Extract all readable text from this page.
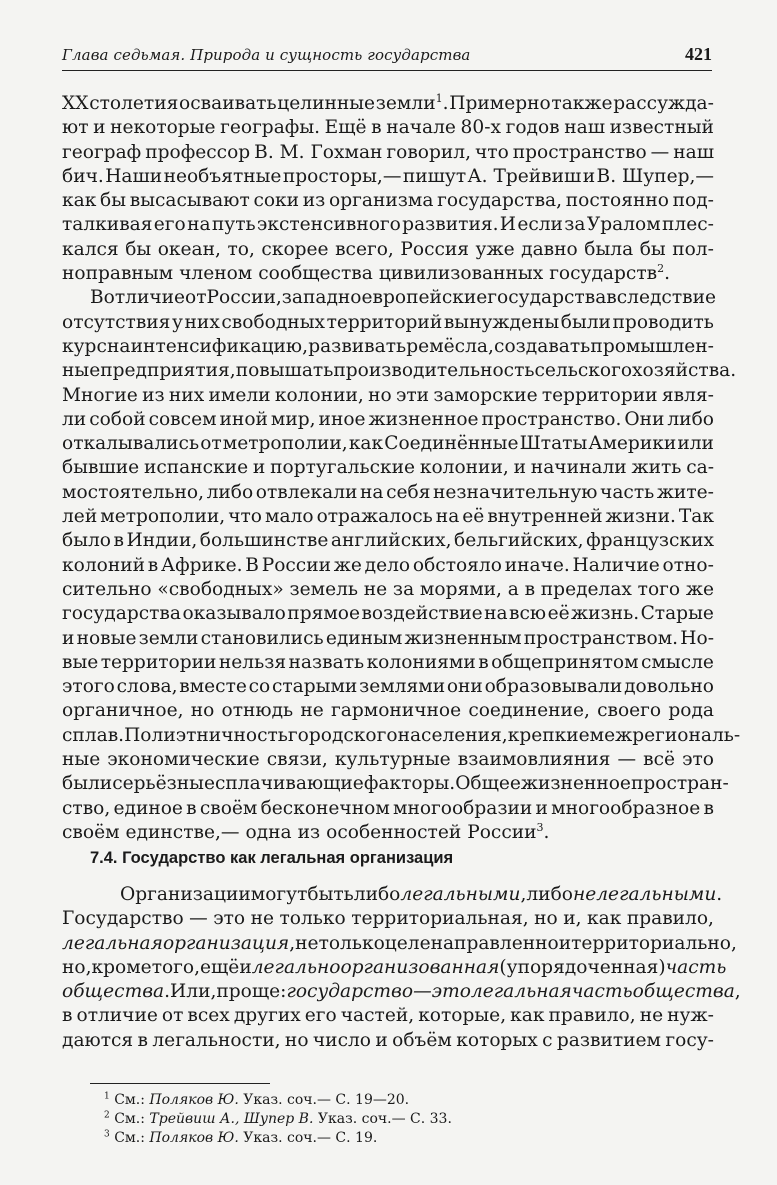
Глава седьмая. Природа и сущность государства	421
XX столетия осваивать целинные земли$^1$. Примерно также рассужда-
ют и некоторые географы. Ещё в начале 80-х годов наш известный
географ профессор В. М. Гохман говорил, что пространство — наш
бич. Наши необъятные просторы,— пишут А. Трейвиш и В. Шупер,—
как бы высасывают соки из организма государства, постоянно под-
талкивая его на путь экстенсивного развития. И если за Уралом плес-
кался бы океан, то, скорее всего, Россия уже давно была бы пол-
ноправным членом сообщества цивилизованных государств$^2$.
В отличие от России, западноевропейские государства вследствие
отсутствия у них свободных территорий вынуждены были проводить
курс на интенсификацию, развивать ремёсла, создавать промышлен-
ные предприятия, повышать производительность сельского хозяйства.
Многие из них имели колонии, но эти заморские территории явля-
ли собой совсем иной мир, иное жизненное пространство. Они либо
откалывались от метрополии, как Соединённые Штаты Америки или
бывшие испанские и португальские колонии, и начинали жить са-
мостоятельно, либо отвлекали на себя незначительную часть жите-
лей метрополии, что мало отражалось на её внутренней жизни. Так
было в Индии, большинстве английских, бельгийских, французских
колоний в Африке. В России же дело обстояло иначе. Наличие отно-
сительно «свободных» земель не за морями, а в пределах того же
государства оказывало прямое воздействие на всю её жизнь. Старые
и новые земли становились единым жизненным пространством. Но-
вые территории нельзя назвать колониями в общепринятом смысле
этого слова, вместе со старыми землями они образовывали довольно
органичное, но отнюдь не гармоничное соединение, своего рода
сплав. Полиэтничность городского населения, крепкие межрегиональ-
ные экономические связи, культурные взаимовлияния — всё это
были серьёзные сплачивающие факторы. Общее жизненное простран-
ство, единое в своём бесконечном многообразии и многообразное в
своём единстве,— одна из особенностей России$^3$.
7.4. Государство как легальная организация
Организации могут быть либо легальными, либо нелегальными.
Государство — это не только территориальная, но и, как правило,
легальная организация, не только целенаправленно и территориально,
но, кроме того, ещё и легально организованная (упорядоченная) часть
общества. Или, проще: государство — это легальная часть общества,
в отличие от всех других его частей, которые, как правило, не нуж-
даются в легальности, но число и объём которых с развитием госу-
$^1$ См.: Поляков Ю. Указ. соч.— С. 19—20.
$^2$ См.: Трейвиш А., Шупер В. Указ. соч.— С. 33.
$^3$ См.: Поляков Ю. Указ. соч.— С. 19.
